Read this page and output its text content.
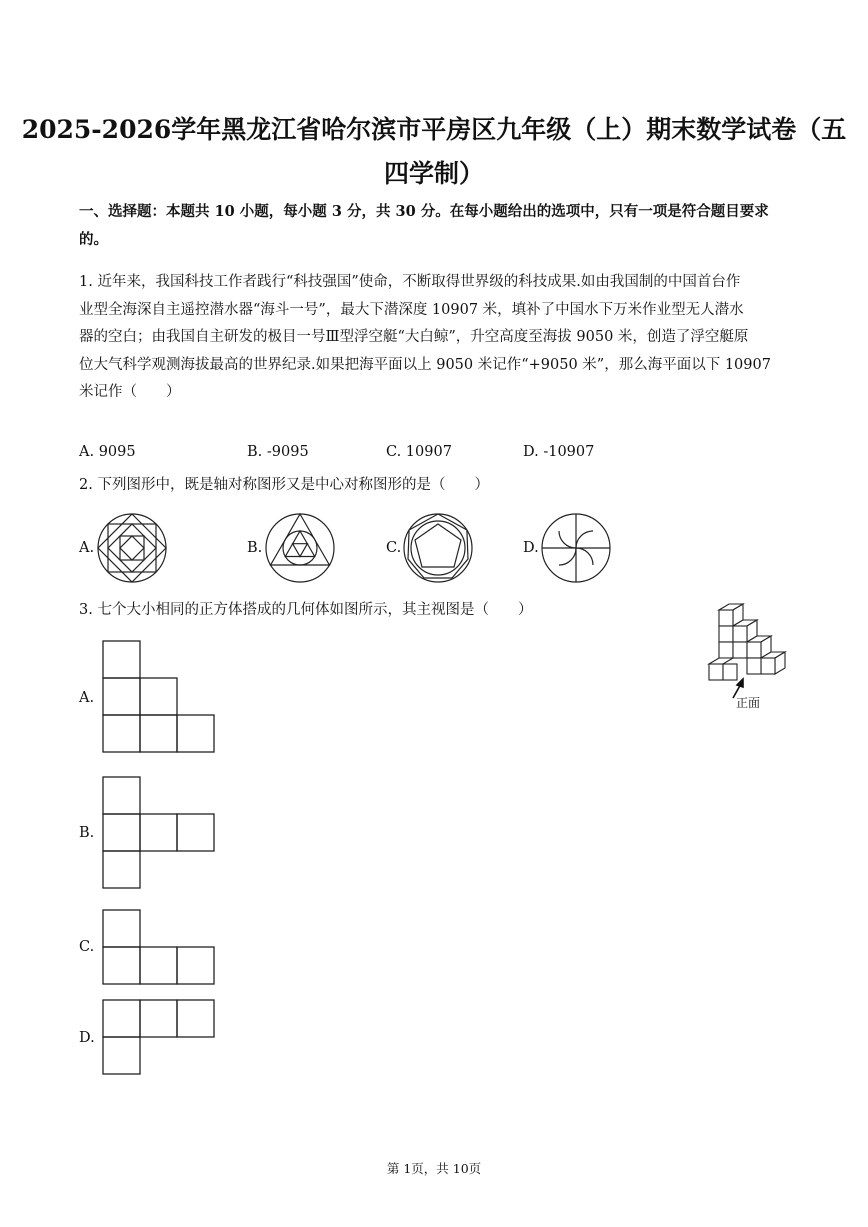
2025-2026学年黑龙江省哈尔滨市平房区九年级（上）期末数学试卷（五
四学制）
一、选择题：本题共 10 小题，每小题 3 分，共 30 分。在每小题给出的选项中，只有一项是符合题目要求
的。
1. 近年来，我国科技工作者践行“科技强国”使命，不断取得世界级的科技成果.如由我国制的中国首台作
业型全海深自主遥控潜水器“海斗一号”，最大下潜深度 10907 米，填补了中国水下万米作业型无人潜水
器的空白；由我国自主研发的极目一号Ⅲ型浮空艇“大白鲸”，升空高度至海拔 9050 米，创造了浮空艇原
位大气科学观测海拔最高的世界纪录.如果把海平面以上 9050 米记作“+9050 米”，那么海平面以下 10907
米记作（　　）
A. 9095	B. -9095	C. 10907	D. -10907
2. 下列图形中，既是轴对称图形又是中心对称图形的是（　　）
A.	B.	C.	D.
3. 七个大小相同的正方体搭成的几何体如图所示，其主视图是（　　）
正面
A.
B.
C.
D.
第 1页，共 10页
